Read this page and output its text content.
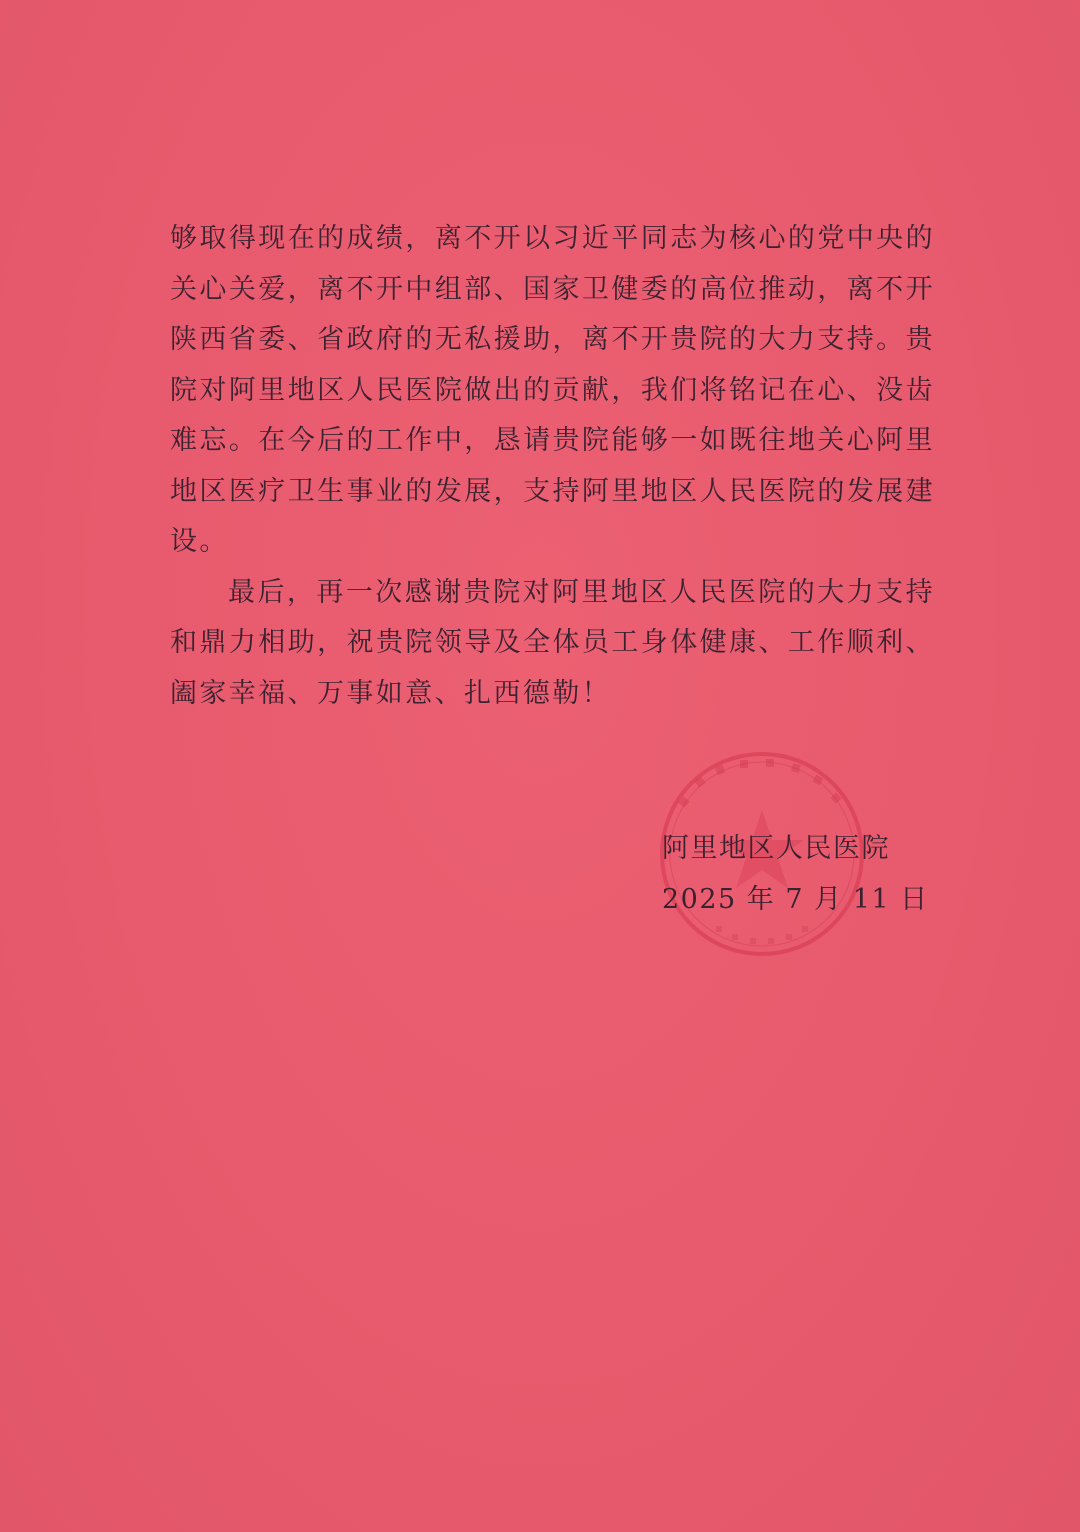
够取得现在的成绩，离不开以习近平同志为核心的党中央的
关心关爱，离不开中组部、国家卫健委的高位推动，离不开
陕西省委、省政府的无私援助，离不开贵院的大力支持。贵
院对阿里地区人民医院做出的贡献，我们将铭记在心、没齿
难忘。在今后的工作中，恳请贵院能够一如既往地关心阿里
地区医疗卫生事业的发展，支持阿里地区人民医院的发展建
设。
最后，再一次感谢贵院对阿里地区人民医院的大力支持
和鼎力相助，祝贵院领导及全体员工身体健康、工作顺利、
阖家幸福、万事如意、扎西德勒！
阿里地区人民医院
2025 年 7 月 11 日
